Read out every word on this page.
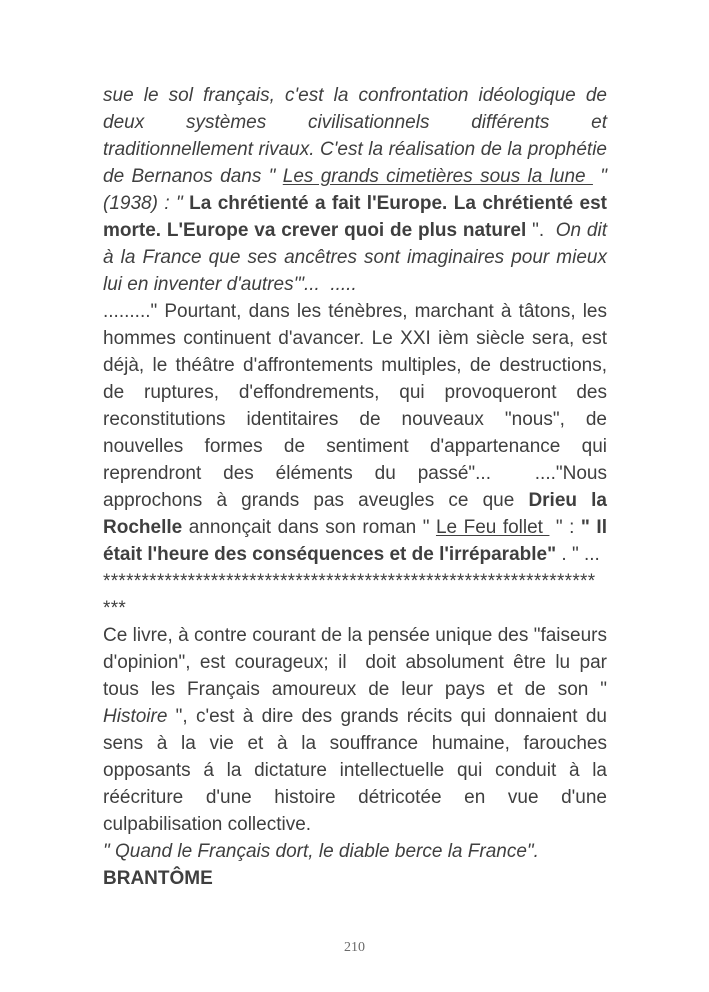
sue le sol français, c'est la confrontation idéologique de deux systèmes civilisationnels différents et traditionnellement rivaux. C'est la réalisation de la prophétie de Bernanos dans " Les grands cimetières sous la lune  " (1938) : " La chrétienté a fait l'Europe. La chrétienté est morte. L'Europe va crever quoi de plus naturel ".  On dit à la France que ses ancêtres sont imaginaires pour mieux lui en inventer d'autres'"...  .....

........." Pourtant, dans les ténèbres, marchant à tâtons, les hommes continuent d'avancer. Le XXI ièm siècle sera, est déjà, le théâtre d'affrontements multiples, de destructions, de ruptures, d'effondrements, qui provoqueront des reconstitutions identitaires de nouveaux "nous", de nouvelles formes de sentiment d'appartenance qui reprendront des éléments du passé"...  ...."Nous approchons à grands pas aveugles ce que Drieu la Rochelle annonçait dans son roman " Le Feu follet  " : " Il était l'heure des conséquences et de l'irréparable" . " ...

****************************************************************
***

Ce livre, à contre courant de la pensée unique des "faiseurs d'opinion", est courageux; il  doit absolument être lu par tous les Français amoureux de leur pays et de son " Histoire ", c'est à dire des grands récits qui donnaient du sens à la vie et à la souffrance humaine, farouches opposants á la dictature intellectuelle qui conduit à la réécriture d'une histoire détricotée en vue d'une culpabilisation collective.

" Quand le Français dort, le diable berce la France".

BRANTÔME

210
